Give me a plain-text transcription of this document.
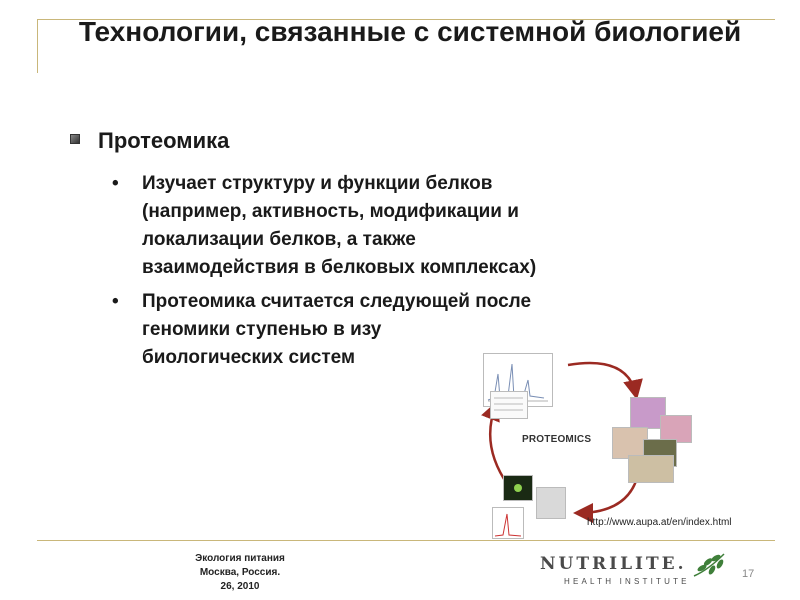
Технологии, связанные с системной биологией
Протеомика
•	Изучает структуру и функции белков
(например, активность, модификации и
локализации белков, а также
взаимодействия в белковых комплексах)
•	Протеомика считается следующей после
геномики ступенью в изу
биологических систем
PROTEOMICS
http://www.aupa.at/en/index.html
Экология питания
Москва, Россия.
26, 2010
NUTRILITE.
HEALTH INSTITUTE
17
